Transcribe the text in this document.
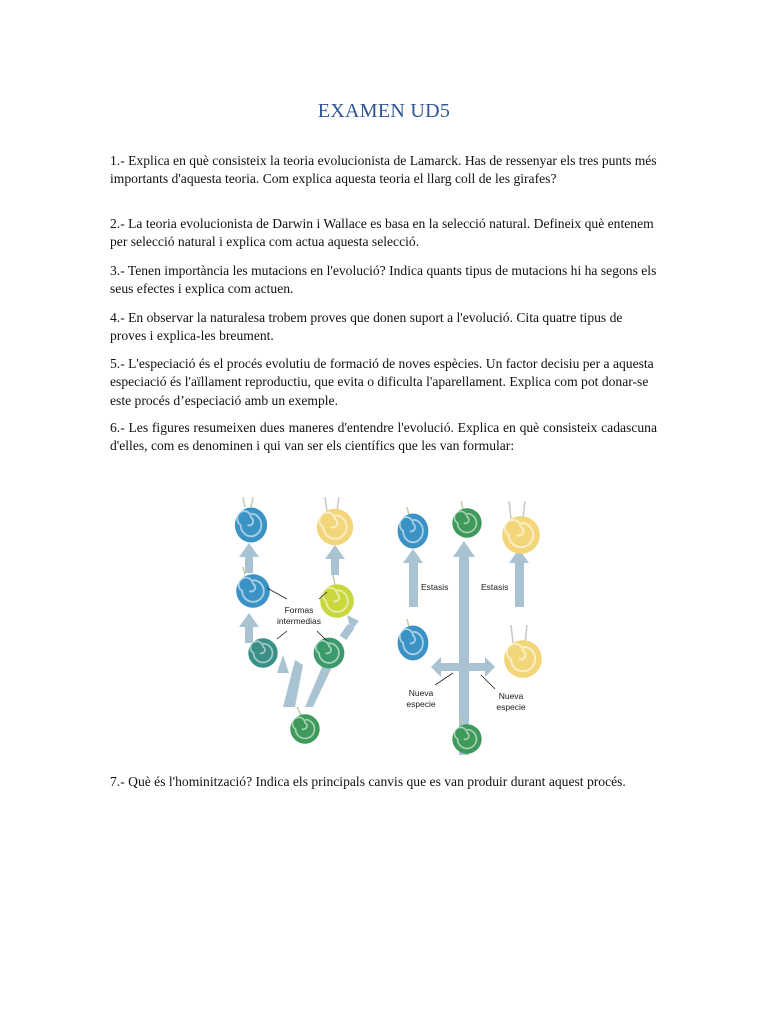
EXAMEN UD5

1.- Explica en què consisteix la teoria evolucionista de Lamarck. Has de ressenyar els tres punts més importants d'aquesta teoria. Com explica aquesta teoria el llarg coll de les girafes?

2.- La teoria evolucionista de Darwin i Wallace es basa en la selecció natural. Defineix què entenem per selecció natural i explica com actua aquesta selecció.

3.- Tenen importància les mutacions en l'evolució? Indica quants tipus de mutacions hi ha segons els seus efectes i explica com actuen.

4.- En observar la naturalesa trobem proves que donen suport a l'evolució. Cita quatre tipus de proves i explica-les breument.

5.- L'especiació és el procés evolutiu de formació de noves espècies. Un factor decisiu per a aquesta especiació és l'aïllament reproductiu, que evita o dificulta l'aparellament. Explica com pot donar-se este procés d’especiació amb un exemple.

6.- Les figures resumeixen dues maneres d'entendre l'evolució. Explica en què consisteix cadascuna d'elles, com es denominen i qui van ser els científics que les van formular:

Formas
intermedias
Estasis	Estasis
Nueva
especie
Nueva
especie

7.- Què és l'hominització? Indica els principals canvis que es van produir durant aquest procés.
